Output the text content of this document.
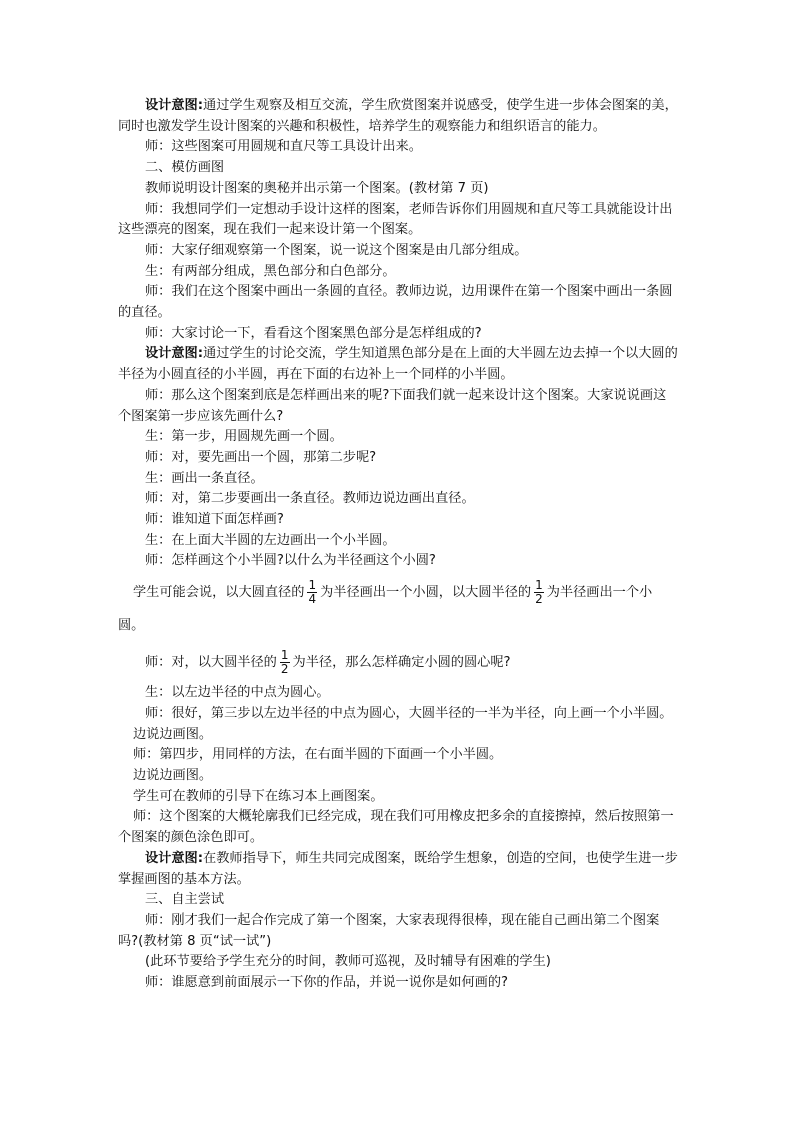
设计意图:通过学生观察及相互交流，学生欣赏图案并说感受，使学生进一步体会图案的美，同时也激发学生设计图案的兴趣和积极性，培养学生的观察能力和组织语言的能力。

师：这些图案可用圆规和直尺等工具设计出来。

二、模仿画图

教师说明设计图案的奥秘并出示第一个图案。(教材第 7 页)

师：我想同学们一定想动手设计这样的图案，老师告诉你们用圆规和直尺等工具就能设计出这些漂亮的图案，现在我们一起来设计第一个图案。

师：大家仔细观察第一个图案，说一说这个图案是由几部分组成。

生：有两部分组成，黑色部分和白色部分。

师：我们在这个图案中画出一条圆的直径。教师边说，边用课件在第一个图案中画出一条圆的直径。

师：大家讨论一下，看看这个图案黑色部分是怎样组成的?

设计意图:通过学生的讨论交流，学生知道黑色部分是在上面的大半圆左边去掉一个以大圆的半径为小圆直径的小半圆，再在下面的右边补上一个同样的小半圆。

师：那么这个图案到底是怎样画出来的呢?下面我们就一起来设计这个图案。大家说说画这个图案第一步应该先画什么?

生：第一步，用圆规先画一个圆。

师：对，要先画出一个圆，那第二步呢?

生：画出一条直径。

师：对，第二步要画出一条直径。教师边说边画出直径。

师：谁知道下面怎样画?

生：在上面大半圆的左边画出一个小半圆。

师：怎样画这个小半圆?以什么为半径画这个小圆?

学生可能会说，以大圆直径的 $\frac{1}{4}$ 为半径画出一个小圆，以大圆半径的 $\frac{1}{2}$ 为半径画出一个小圆。

师：对，以大圆半径的 $\frac{1}{2}$ 为半径，那么怎样确定小圆的圆心呢?

生：以左边半径的中点为圆心。

师：很好，第三步以左边半径的中点为圆心，大圆半径的一半为半径，向上画一个小半圆。

边说边画图。

师：第四步，用同样的方法，在右面半圆的下面画一个小半圆。

边说边画图。

学生可在教师的引导下在练习本上画图案。

师：这个图案的大概轮廓我们已经完成，现在我们可用橡皮把多余的直接擦掉，然后按照第一个图案的颜色涂色即可。

设计意图:在教师指导下，师生共同完成图案，既给学生想象，创造的空间，也使学生进一步掌握画图的基本方法。

三、自主尝试

师：刚才我们一起合作完成了第一个图案，大家表现得很棒，现在能自己画出第二个图案吗?(教材第 8 页“试一试”)

(此环节要给予学生充分的时间，教师可巡视，及时辅导有困难的学生)

师：谁愿意到前面展示一下你的作品，并说一说你是如何画的?
